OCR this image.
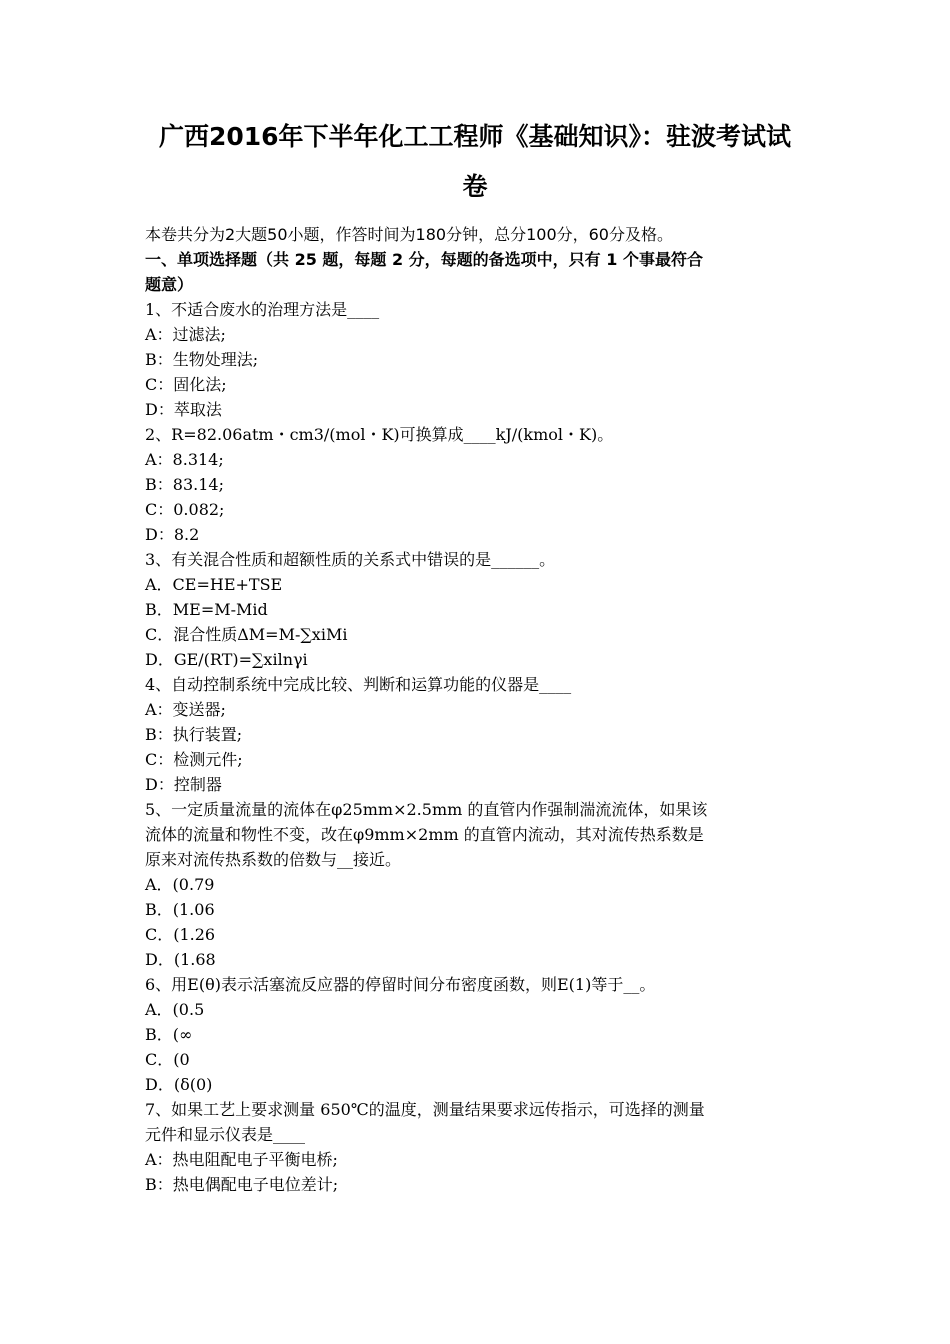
广西2016年下半年化工工程师《基础知识》：驻波考试试
卷
本卷共分为2大题50小题，作答时间为180分钟，总分100分，60分及格。
一、单项选择题（共 25 题，每题 2 分，每题的备选项中，只有 1 个事最符合
题意）
1、不适合废水的治理方法是____
A：过滤法;
B：生物处理法;
C：固化法;
D：萃取法
2、R=82.06atm・cm3/(mol・K)可换算成____kJ/(kmol・K)。
A：8.314;
B：83.14;
C：0.082;
D：8.2
3、有关混合性质和超额性质的关系式中错误的是______。
A．CE=HE+TSE
B．ME=M-Mid
C．混合性质ΔM=M-∑xiMi
D．GE/(RT)=∑xilnγi
4、自动控制系统中完成比较、判断和运算功能的仪器是____
A：变送器;
B：执行装置;
C：检测元件;
D：控制器
5、一定质量流量的流体在φ25mm×2.5mm 的直管内作强制湍流流体，如果该
流体的流量和物性不变，改在φ9mm×2mm 的直管内流动，其对流传热系数是
原来对流传热系数的倍数与__接近。
A．(0.79
B．(1.06
C．(1.26
D．(1.68
6、用E(θ)表示活塞流反应器的停留时间分布密度函数，则E(1)等于__。
A．(0.5
B．(∞
C．(0
D．(δ(0)
7、如果工艺上要求测量 650℃的温度，测量结果要求远传指示，可选择的测量
元件和显示仪表是____
A：热电阻配电子平衡电桥;
B：热电偶配电子电位差计;
